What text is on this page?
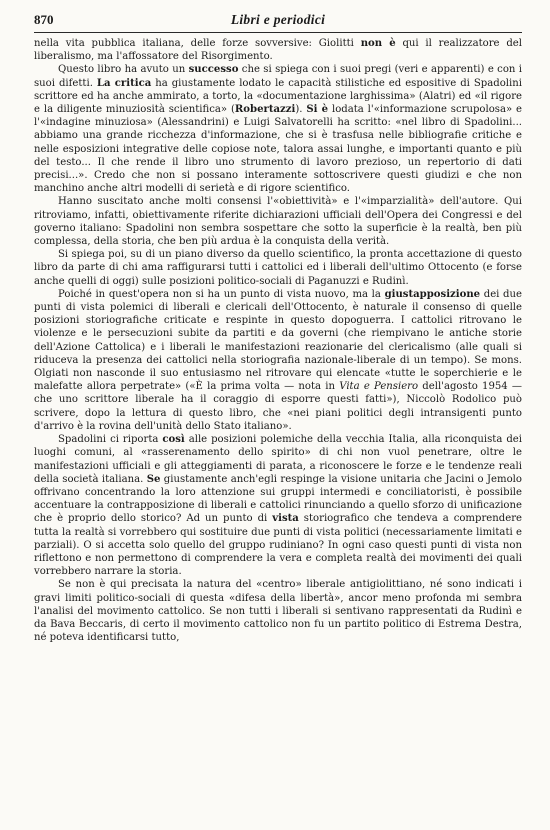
870	Libri e periodici

nella vita pubblica italiana, delle forze sovversive: Giolitti non è qui il realizzatore del liberalismo, ma l'affossatore del Risorgimento.

Questo libro ha avuto un successo che si spiega con i suoi pregi (veri e apparenti) e con i suoi difetti. La critica ha giustamente lodato le capacità stilistiche ed espositive di Spadolini scrittore ed ha anche ammirato, a torto, la «documentazione larghissima» (Alatri) ed «il rigore e la diligente minuziosità scientifica» (Robertazzi). Si è lodata l'«informazione scrupolosa» e l'«indagine minuziosa» (Alessandrini) e Luigi Salvatorelli ha scritto: «nel libro di Spadolini... abbiamo una grande ricchezza d'informazione, che si è trasfusa nelle bibliografie critiche e nelle esposizioni integrative delle copiose note, talora assai lunghe, e importanti quanto e più del testo... Il che rende il libro uno strumento di lavoro prezioso, un repertorio di dati precisi...». Credo che non si possano interamente sottoscrivere questi giudizi e che non manchino anche altri modelli di serietà e di rigore scientifico.

Hanno suscitato anche molti consensi l'«obiettività» e l'«imparzialità» dell'autore. Qui ritroviamo, infatti, obiettivamente riferite dichiarazioni ufficiali dell'Opera dei Congressi e del governo italiano: Spadolini non sembra sospettare che sotto la superficie è la realtà, ben più complessa, della storia, che ben più ardua è la conquista della verità.

Si spiega poi, su di un piano diverso da quello scientifico, la pronta accettazione di questo libro da parte di chi ama raffigurarsi tutti i cattolici ed i liberali dell'ultimo Ottocento (e forse anche quelli di oggi) sulle posizioni politico-sociali di Paganuzzi e Rudinì.

Poiché in quest'opera non si ha un punto di vista nuovo, ma la giustapposizione dei due punti di vista polemici di liberali e clericali dell'Ottocento, è naturale il consenso di quelle posizioni storiografiche criticate e respinte in questo dopoguerra. I cattolici ritrovano le violenze e le persecuzioni subite da partiti e da governi (che riempivano le antiche storie dell'Azione Cattolica) e i liberali le manifestazioni reazionarie del clericalismo (alle quali si riduceva la presenza dei cattolici nella storiografia nazionale-liberale di un tempo). Se mons. Olgiati non nasconde il suo entusiasmo nel ritrovare qui elencate «tutte le soperchierie e le malefatte allora perpetrate» («È la prima volta — nota in Vita e Pensiero dell'agosto 1954 — che uno scrittore liberale ha il coraggio di esporre questi fatti»), Niccolò Rodolico può scrivere, dopo la lettura di questo libro, che «nei piani politici degli intransigenti punto d'arrivo è la rovina dell'unità dello Stato italiano».

Spadolini ci riporta così alle posizioni polemiche della vecchia Italia, alla riconquista dei luoghi comuni, al «rasserenamento dello spirito» di chi non vuol penetrare, oltre le manifestazioni ufficiali e gli atteggiamenti di parata, a riconoscere le forze e le tendenze reali della società italiana. Se giustamente anch'egli respinge la visione unitaria che Jacini o Jemolo offrivano concentrando la loro attenzione sui gruppi intermedi e conciliatoristi, è possibile accentuare la contrapposizione di liberali e cattolici rinunciando a quello sforzo di unificazione che è proprio dello storico? Ad un punto di vista storiografico che tendeva a comprendere tutta la realtà si vorrebbero qui sostituire due punti di vista politici (necessariamente limitati e parziali). O si accetta solo quello del gruppo rudiniano? In ogni caso questi punti di vista non riflettono e non permettono di comprendere la vera e completa realtà dei movimenti dei quali vorrebbero narrare la storia.

Se non è qui precisata la natura del «centro» liberale antigiolittiano, né sono indicati i gravi limiti politico-sociali di questa «difesa della libertà», ancor meno profonda mi sembra l'analisi del movimento cattolico. Se non tutti i liberali si sentivano rappresentati da Rudinì e da Bava Beccaris, di certo il movimento cattolico non fu un partito politico di Estrema Destra, né poteva identificarsi tutto,
